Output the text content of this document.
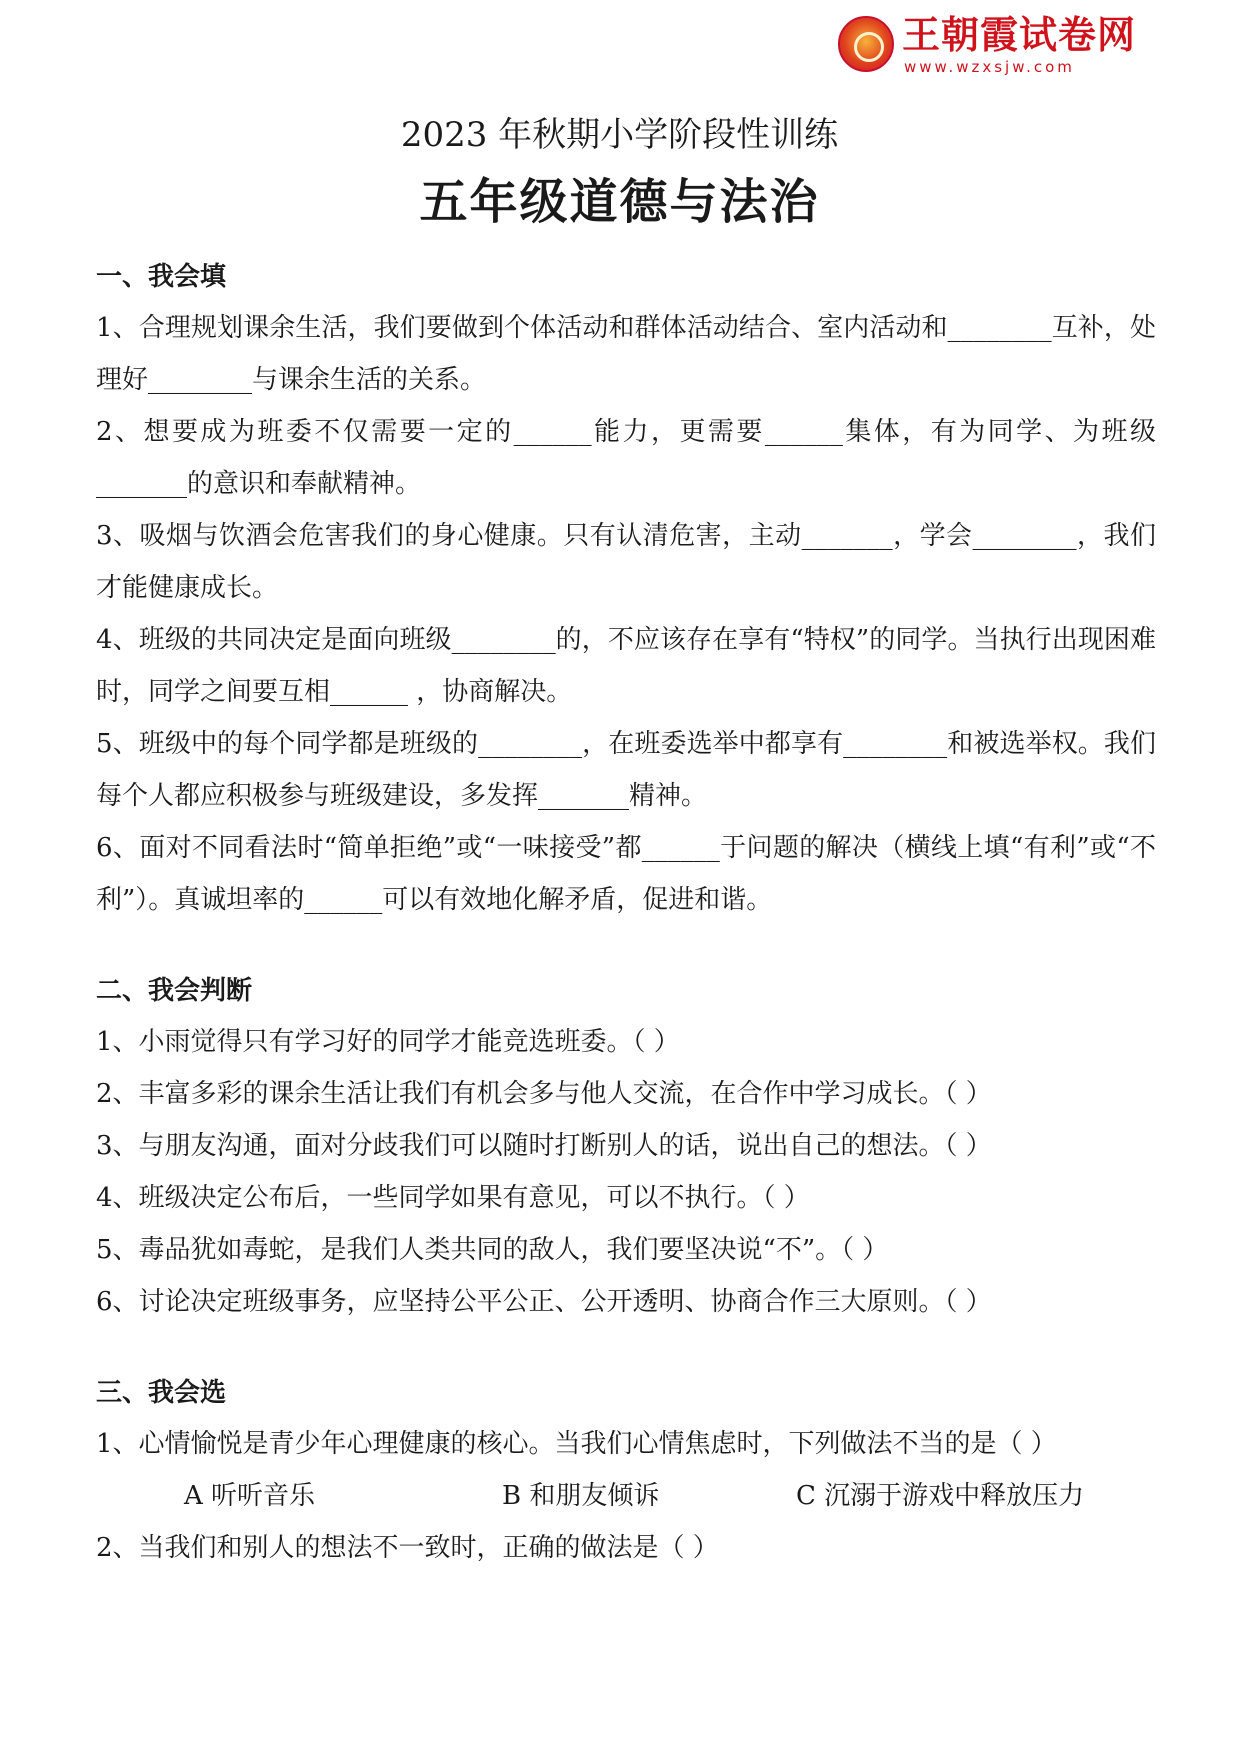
王朝霞试卷网
www.wzxsjw.com

2023 年秋期小学阶段性训练

五年级道德与法治
一、我会填

1、合理规划课余生活，我们要做到个体活动和群体活动结合、室内活动和________互补，处理好________与课余生活的关系。

2、想要成为班委不仅需要一定的______能力，更需要______集体，有为同学、为班级_______的意识和奉献精神。

3、吸烟与饮酒会危害我们的身心健康。只有认清危害，主动_______，学会________，我们才能健康成长。

4、班级的共同决定是面向班级________的，不应该存在享有“特权”的同学。当执行出现困难时，同学之间要互相______ ，协商解决。

5、班级中的每个同学都是班级的________，在班委选举中都享有________和被选举权。我们每个人都应积极参与班级建设，多发挥_______精神。

6、面对不同看法时“简单拒绝”或“一味接受”都______于问题的解决（横线上填“有利”或“不利”）。真诚坦率的______可以有效地化解矛盾，促进和谐。

二、我会判断

1、小雨觉得只有学习好的同学才能竞选班委。（ ）

2、丰富多彩的课余生活让我们有机会多与他人交流，在合作中学习成长。（ ）

3、与朋友沟通，面对分歧我们可以随时打断别人的话，说出自己的想法。（ ）

4、班级决定公布后，一些同学如果有意见，可以不执行。（ ）

5、毒品犹如毒蛇，是我们人类共同的敌人，我们要坚决说“不”。（ ）

6、讨论决定班级事务，应坚持公平公正、公开透明、协商合作三大原则。（ ）

三、我会选

1、心情愉悦是青少年心理健康的核心。当我们心情焦虑时，下列做法不当的是（ ）

A 听听音乐	B 和朋友倾诉	C 沉溺于游戏中释放压力

2、当我们和别人的想法不一致时，正确的做法是（ ）
